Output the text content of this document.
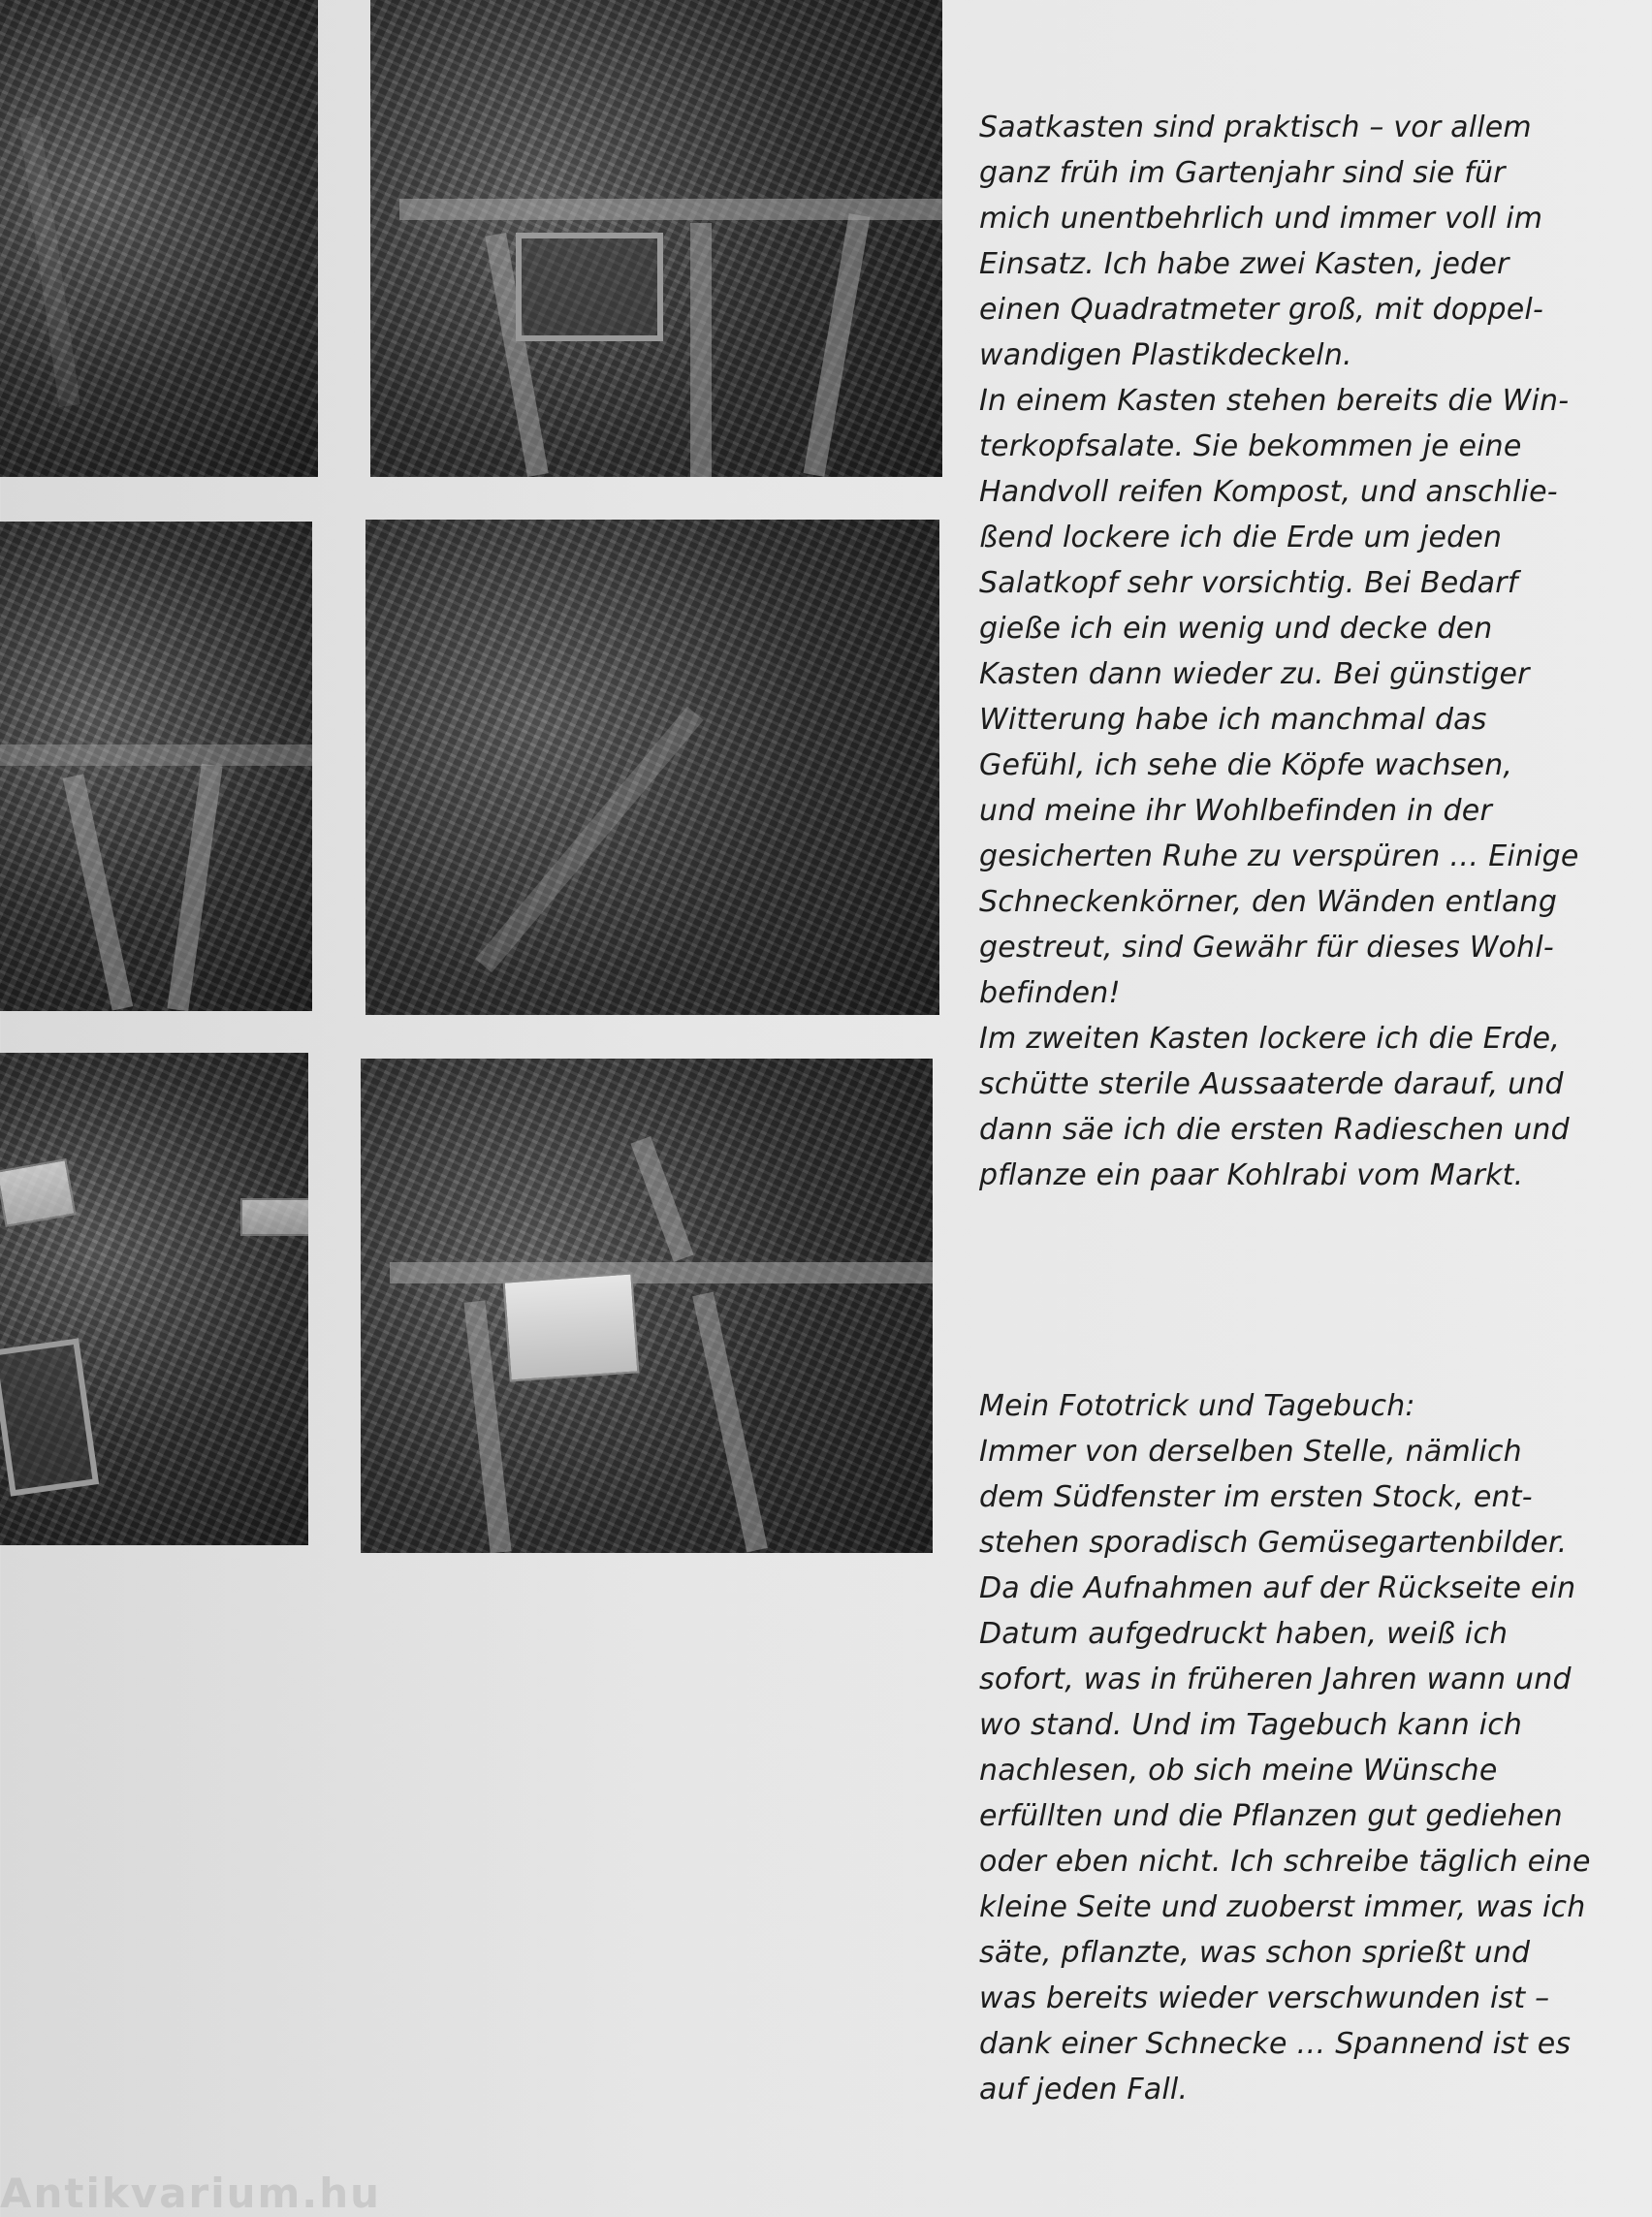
Saatkasten sind praktisch – vor allem
ganz früh im Gartenjahr sind sie für
mich unentbehrlich und immer voll im
Einsatz. Ich habe zwei Kasten, jeder
einen Quadratmeter groß, mit doppel-
wandigen Plastikdeckeln.
In einem Kasten stehen bereits die Win-
terkopfsalate. Sie bekommen je eine
Handvoll reifen Kompost, und anschlie-
ßend lockere ich die Erde um jeden
Salatkopf sehr vorsichtig. Bei Bedarf
gieße ich ein wenig und decke den
Kasten dann wieder zu. Bei günstiger
Witterung habe ich manchmal das
Gefühl, ich sehe die Köpfe wachsen,
und meine ihr Wohlbefinden in der
gesicherten Ruhe zu verspüren … Einige
Schneckenkörner, den Wänden entlang
gestreut, sind Gewähr für dieses Wohl-
befinden!
Im zweiten Kasten lockere ich die Erde,
schütte sterile Aussaaterde darauf, und
dann säe ich die ersten Radieschen und
pflanze ein paar Kohlrabi vom Markt.

Mein Fototrick und Tagebuch:
Immer von derselben Stelle, nämlich
dem Südfenster im ersten Stock, ent-
stehen sporadisch Gemüsegartenbilder.
Da die Aufnahmen auf der Rückseite ein
Datum aufgedruckt haben, weiß ich
sofort, was in früheren Jahren wann und
wo stand. Und im Tagebuch kann ich
nachlesen, ob sich meine Wünsche
erfüllten und die Pflanzen gut gediehen
oder eben nicht. Ich schreibe täglich eine
kleine Seite und zuoberst immer, was ich
säte, pflanzte, was schon sprießt und
was bereits wieder verschwunden ist –
dank einer Schnecke … Spannend ist es
auf jeden Fall.

Antikvarium.hu
